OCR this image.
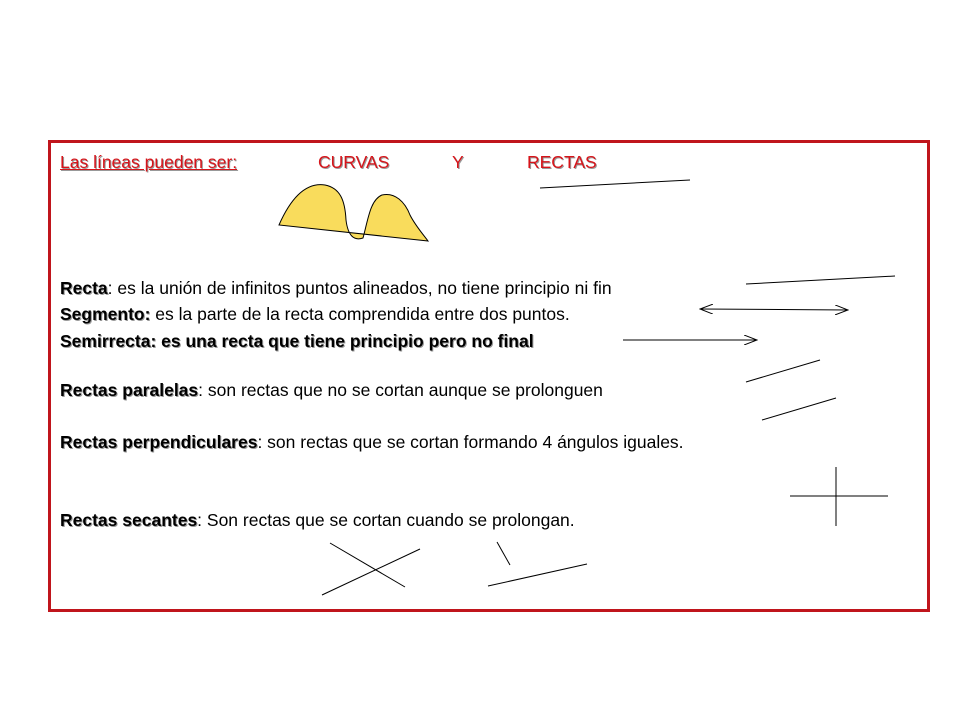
Las líneas pueden ser:	CURVAS	Y	RECTAS
Recta: es la unión de infinitos puntos alineados, no tiene principio ni fin
Segmento: es la parte de la recta comprendida entre dos puntos.
Semirrecta: es una recta que tiene principio pero no final
Rectas paralelas: son rectas que no se cortan aunque se prolonguen
Rectas perpendiculares: son rectas que se cortan formando 4 ángulos iguales.
Rectas secantes: Son rectas que se cortan cuando se prolongan.
